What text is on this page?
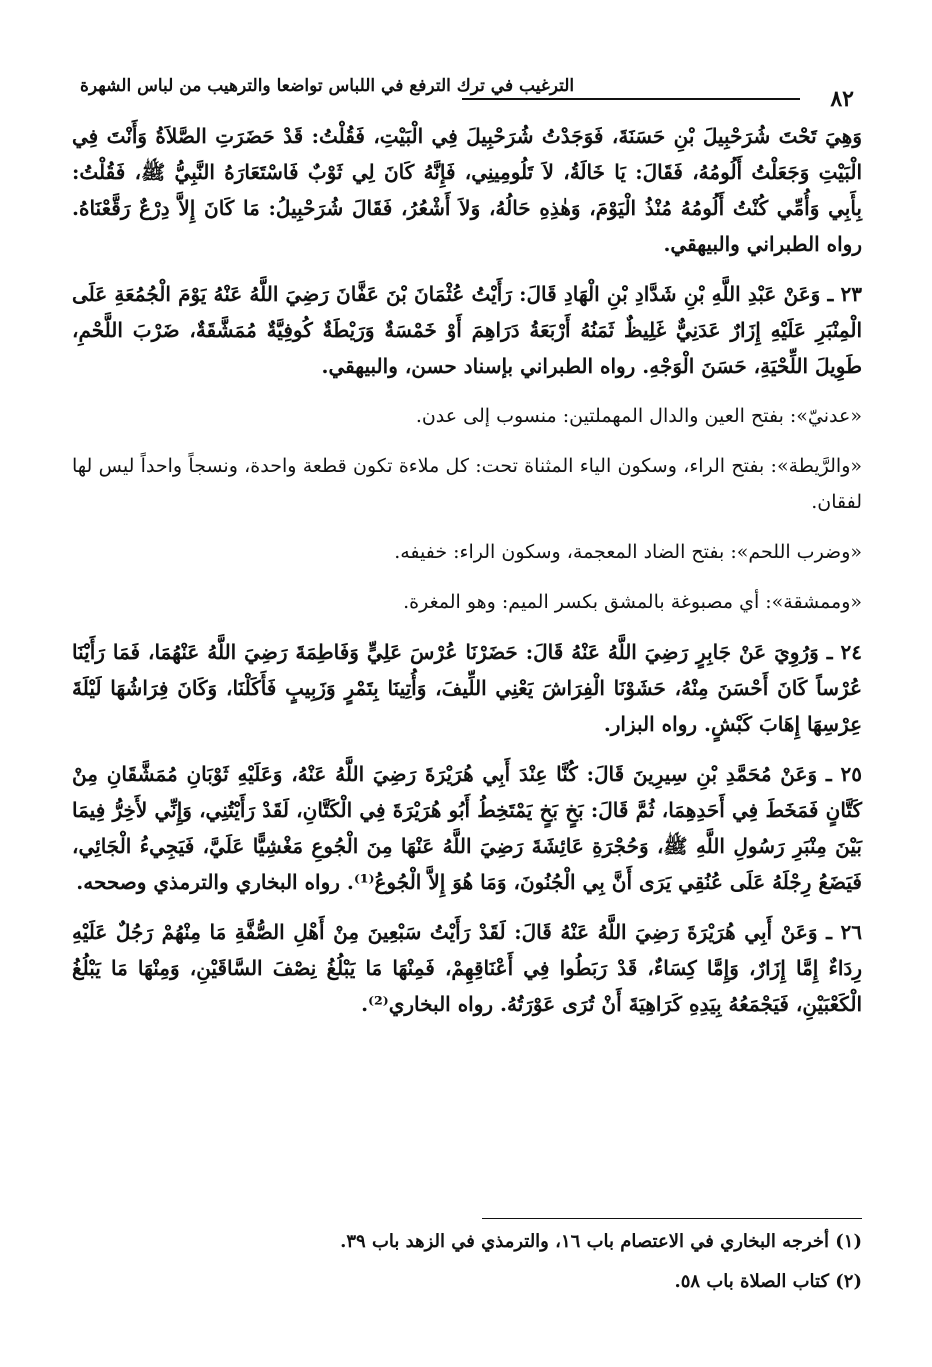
٨٢
الترغيب في ترك الترفع في اللباس تواضعا والترهيب من لباس الشهرة

وَهِيَ تَحْتَ شُرَحْبِيلَ بْنِ حَسَنَةَ، فَوَجَدْتُ شُرَحْبِيلَ فِي الْبَيْتِ، فَقُلْتُ: قَدْ حَضَرَتِ الصَّلاَةُ وَأَنْتَ فِي الْبَيْتِ وَجَعَلْتُ أَلُومُهُ، فَقَالَ: يَا خَالَةُ، لاَ تَلُومِينِي، فَإِنَّهُ كَانَ لِي ثَوْبٌ فَاسْتَعَارَهُ النَّبِيُّ ﷺ، فَقُلْتُ: بِأَبِي وَأُمِّي كُنْتُ أَلُومُهُ مُنْذُ الْيَوْمَ، وَهٰذِهِ حَالُهُ، وَلاَ أَشْعُرُ، فَقَالَ شُرَحْبِيلُ: مَا كَانَ إِلاَّ دِرْعٌ رَقَّعْنَاهُ. رواه الطبراني والبيهقي.

٢٣ ـ وَعَنْ عَبْدِ اللَّهِ بْنِ شَدَّادِ بْنِ الْهَادِ قَالَ: رَأَيْتُ عُثْمَانَ بْنَ عَفَّانَ رَضِيَ اللَّهُ عَنْهُ يَوْمَ الْجُمُعَةِ عَلَى الْمِنْبَرِ عَلَيْهِ إِزَارٌ عَدَنِيٌّ غَلِيظٌ ثَمَنُهُ أَرْبَعَةُ دَرَاهِمَ أَوْ خَمْسَةٌ وَرَيْطَةٌ كُوفِيَّةٌ مُمَشَّقَةٌ، ضَرْبَ اللَّحْمِ، طَوِيلَ اللِّحْيَةِ، حَسَنَ الْوَجْهِ. رواه الطبراني بإسناد حسن، والبيهقي.

«عدنيّ»: بفتح العين والدال المهملتين: منسوب إلى عدن.

«والرَّيطة»: بفتح الراء، وسكون الياء المثناة تحت: كل ملاءة تكون قطعة واحدة، ونسجاً واحداً ليس لها لفقان.

«وضرب اللحم»: بفتح الضاد المعجمة، وسكون الراء: خفيفه.

«وممشقة»: أي مصبوغة بالمشق بكسر الميم: وهو المغرة.

٢٤ ـ وَرُوِيَ عَنْ جَابِرٍ رَضِيَ اللَّهُ عَنْهُ قَالَ: حَضَرْنَا عُرْسَ عَلِيٍّ وَفَاطِمَةَ رَضِيَ اللَّهُ عَنْهُمَا، فَمَا رَأَيْنَا عُرْساً كَانَ أَحْسَنَ مِنْهُ، حَشَوْنَا الْفِرَاشَ يَعْنِي اللِّيفَ، وَأُتِينَا بِتَمْرٍ وَزَبِيبٍ فَأَكَلْنَا، وَكَانَ فِرَاشُهَا لَيْلَةَ عِرْسِهَا إِهَابَ كَبْشٍ. رواه البزار.

٢٥ ـ وَعَنْ مُحَمَّدِ بْنِ سِيرِينَ قَالَ: كُنَّا عِنْدَ أَبِي هُرَيْرَةَ رَضِيَ اللَّهُ عَنْهُ، وَعَلَيْهِ ثَوْبَانِ مُمَشَّقَانِ مِنْ كَتَّانٍ فَمَخَطَ فِي أَحَدِهِمَا، ثُمَّ قَالَ: بَخٍ بَخٍ يَمْتَخِطُ أَبُو هُرَيْرَةَ فِي الْكَتَّانِ، لَقَدْ رَأَيْتُنِي، وَإِنِّي لأَخِرُّ فِيمَا بَيْنَ مِنْبَرِ رَسُولِ اللَّهِ ﷺ، وَحُجْرَةِ عَائِشَةَ رَضِيَ اللَّهُ عَنْهَا مِنَ الْجُوعِ مَغْشِيًّا عَلَيَّ، فَيَجِيءُ الْجَائِي، فَيَضَعُ رِجْلَهُ عَلَى عُنُقِي يَرَى أَنَّ بِي الْجُنُونَ، وَمَا هُوَ إِلاَّ الْجُوعُ⁽¹⁾. رواه البخاري والترمذي وصححه.

٢٦ ـ وَعَنْ أَبِي هُرَيْرَةَ رَضِيَ اللَّهُ عَنْهُ قَالَ: لَقَدْ رَأَيْتُ سَبْعِينَ مِنْ أَهْلِ الصُّفَّةِ مَا مِنْهُمْ رَجُلٌ عَلَيْهِ رِدَاءٌ إِمَّا إِزَارٌ، وَإِمَّا كِسَاءٌ، قَدْ رَبَطُوا فِي أَعْنَاقِهِمْ، فَمِنْهَا مَا يَبْلُغُ نِصْفَ السَّاقَيْنِ، وَمِنْهَا مَا يَبْلُغُ الْكَعْبَيْنِ، فَيَجْمَعُهُ بِيَدِهِ كَرَاهِيَةَ أَنْ تُرَى عَوْرَتُهُ. رواه البخاري⁽²⁾.

(١) أخرجه البخاري في الاعتصام باب ١٦، والترمذي في الزهد باب ٣٩.
(٢) كتاب الصلاة باب ٥٨.
